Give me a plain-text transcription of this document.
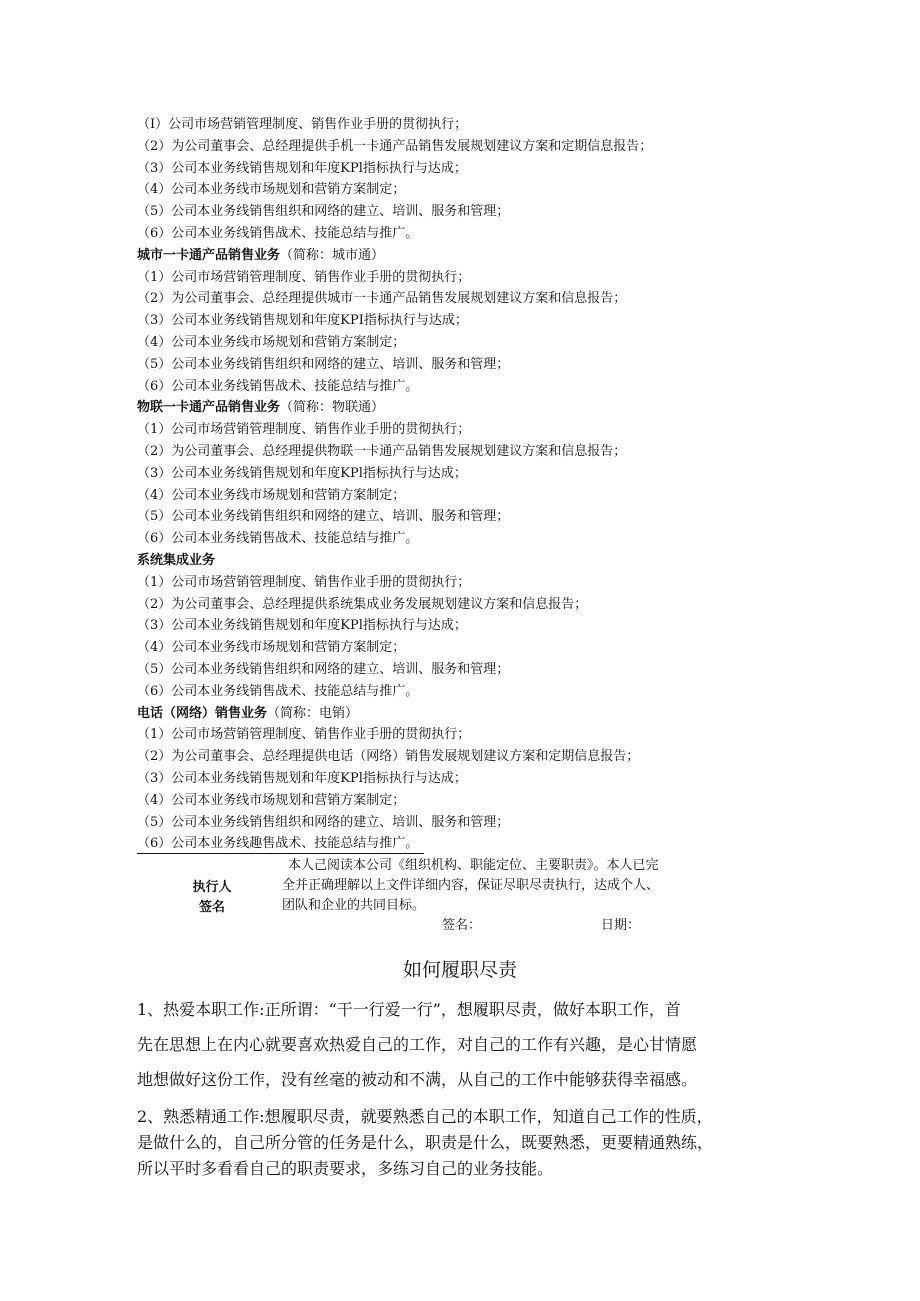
（I）公司市场营销管理制度、销售作业手册的贯彻执行；
（2）为公司董事会、总经理提供手机一卡通产品销售发展规划建议方案和定期信息报告；
（3）公司本业务线销售规划和年度KPl指标执行与达成；
（4）公司本业务线市场规划和营销方案制定；
（5）公司本业务线销售组织和网络的建立、培训、服务和管理；
（6）公司本业务线销售战术、技能总结与推广。
城市一卡通产品销售业务（简称：城市通）
（1）公司市场营销管理制度、销售作业手册的贯彻执行；
（2）为公司董事会、总经理提供城市一卡通产品销售发展规划建议方案和信息报告；
（3）公司本业务线销售规划和年度KPI指标执行与达成；
（4）公司本业务线市场规划和营销方案制定；
（5）公司本业务线销售组织和网络的建立、培训、服务和管理；
（6）公司本业务线销售战术、技能总结与推广。
物联一卡通产品销售业务（简称：物联通）
（1）公司市场营销管理制度、销售作业手册的贯彻执行；
（2）为公司董事会、总经理提供物联一卡通产品销售发展规划建议方案和信息报告；
（3）公司本业务线销售规划和年度KPl指标执行与达成；
（4）公司本业务线市场规划和营销方案制定；
（5）公司本业务线销售组织和网络的建立、培训、服务和管理；
（6）公司本业务线销售战术、技能总结与推广。
系统集成业务
（1）公司市场营销管理制度、销售作业手册的贯彻执行；
（2）为公司董事会、总经理提供系统集成业务发展规划建议方案和信息报告；
（3）公司本业务线销售规划和年度KPl指标执行与达成；
（4）公司本业务线市场规划和营销方案制定；
（5）公司本业务线销售组织和网络的建立、培训、服务和管理；
（6）公司本业务线销售战术、技能总结与推广。
电话（网络）销售业务（简称：电销）
（1）公司市场营销管理制度、销售作业手册的贯彻执行；
（2）为公司董事会、总经理提供电话（网络）销售发展规划建议方案和定期信息报告；
（3）公司本业务线销售规划和年度KPl指标执行与达成；
（4）公司本业务线市场规划和营销方案制定；
（5）公司本业务线销售组织和网络的建立、培训、服务和管理；
（6）公司本业务线趣售战术、技能总结与推广。
执行人
签名
本人己阅读本公司《组织机构、职能定位、主要职责》。本人已完
全并正确理解以上文件详细内容，保证尽职尽责执行，达成个人、
团队和企业的共同目标。
签名：	日期：
如何履职尽责
1、热爱本职工作:正所谓：“干一行爱一行”，想履职尽责，做好本职工作，首
先在思想上在内心就要喜欢热爱自己的工作，对自己的工作有兴趣，是心甘情愿
地想做好这份工作，没有丝毫的被动和不满，从自己的工作中能够获得幸福感。
2、熟悉精通工作:想履职尽责，就要熟悉自己的本职工作，知道自己工作的性质，
是做什么的，自己所分管的任务是什么，职责是什么，既要熟悉，更要精通熟练，
所以平时多看看自己的职责要求，多练习自己的业务技能。
